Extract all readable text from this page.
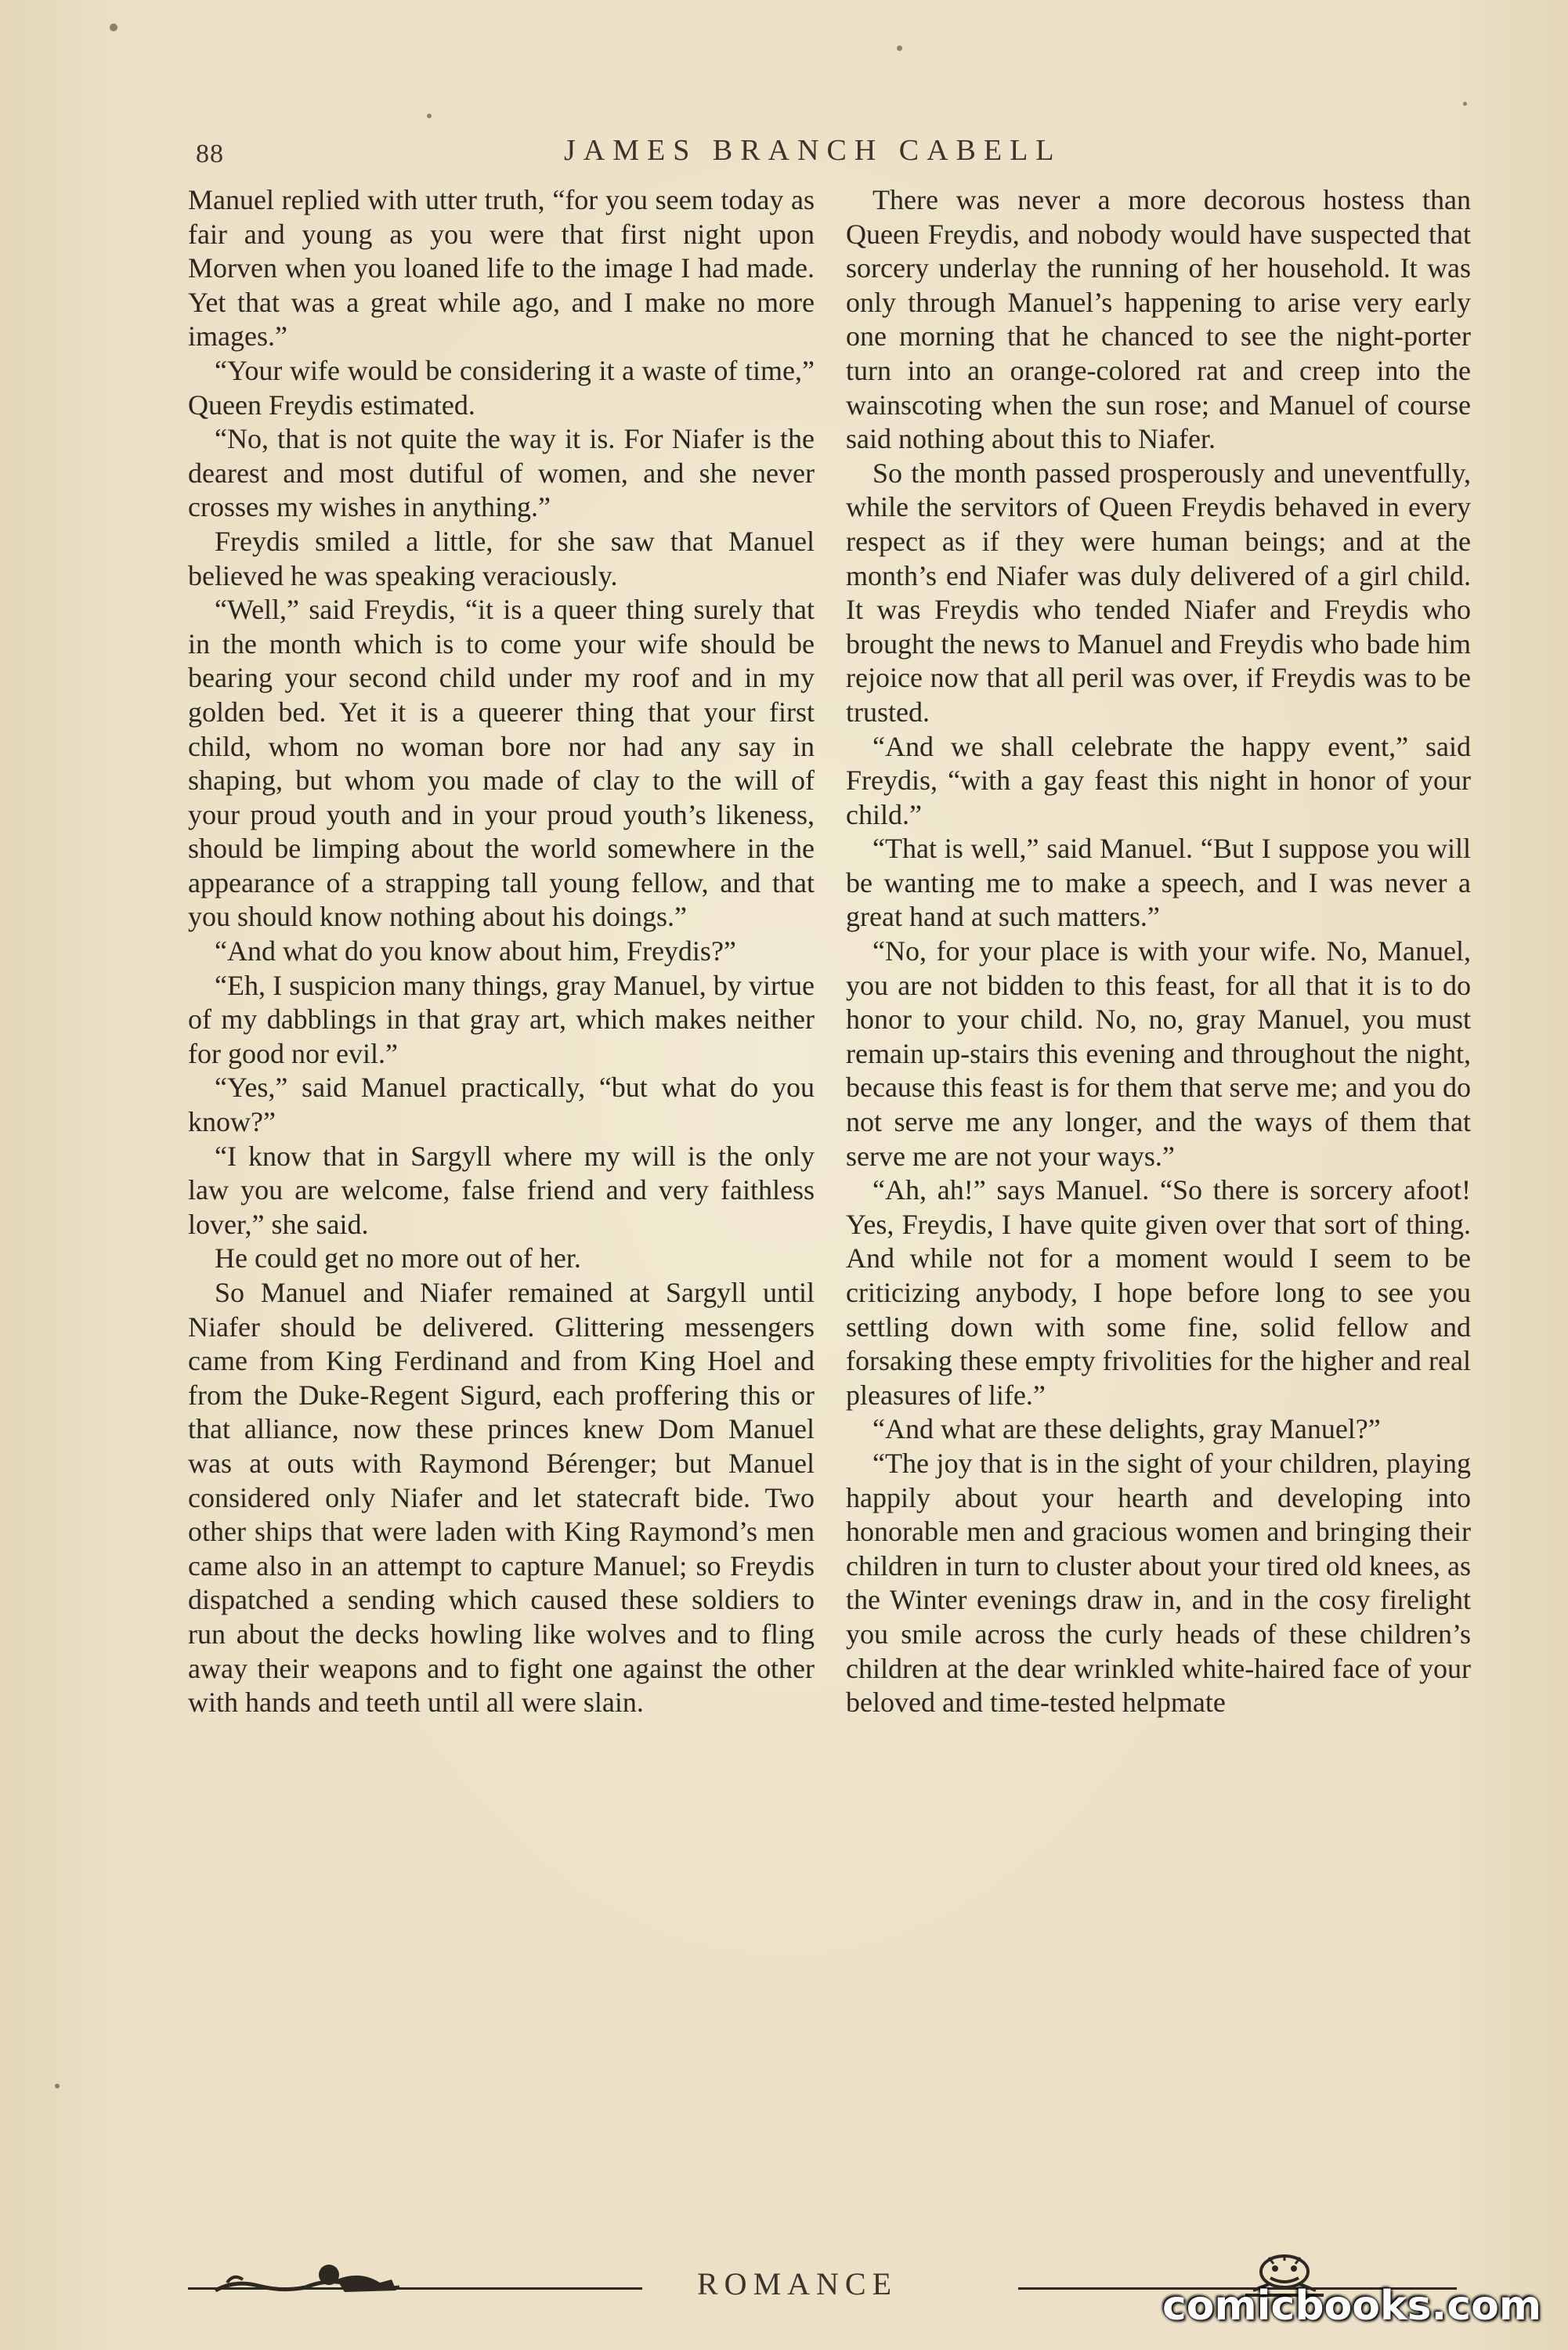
88	JAMES BRANCH CABELL

Manuel replied with utter truth, “for you seem today as fair and young as you were that first night upon Morven when you loaned life to the image I had made. Yet that was a great while ago, and I make no more images.”

“Your wife would be considering it a waste of time,” Queen Freydis estimated.

“No, that is not quite the way it is. For Niafer is the dearest and most dutiful of women, and she never crosses my wishes in anything.”

Freydis smiled a little, for she saw that Manuel believed he was speaking veraciously.

“Well,” said Freydis, “it is a queer thing surely that in the month which is to come your wife should be bearing your second child under my roof and in my golden bed. Yet it is a queerer thing that your first child, whom no woman bore nor had any say in shaping, but whom you made of clay to the will of your proud youth and in your proud youth’s likeness, should be limping about the world somewhere in the appearance of a strapping tall young fellow, and that you should know nothing about his doings.”

“And what do you know about him, Freydis?”

“Eh, I suspicion many things, gray Manuel, by virtue of my dabblings in that gray art, which makes neither for good nor evil.”

“Yes,” said Manuel practically, “but what do you know?”

“I know that in Sargyll where my will is the only law you are welcome, false friend and very faithless lover,” she said.

He could get no more out of her.

So Manuel and Niafer remained at Sargyll until Niafer should be delivered. Glittering messengers came from King Ferdinand and from King Hoel and from the Duke-Regent Sigurd, each proffering this or that alliance, now these princes knew Dom Manuel was at outs with Raymond Bérenger; but Manuel considered only Niafer and let statecraft bide. Two other ships that were laden with King Raymond’s men came also in an attempt to capture Manuel; so Freydis dispatched a sending which caused these soldiers to run about the decks howling like wolves and to fling away their weapons and to fight one against the other with hands and teeth until all were slain.

There was never a more decorous hostess than Queen Freydis, and nobody would have suspected that sorcery underlay the running of her household. It was only through Manuel’s happening to arise very early one morning that he chanced to see the night-porter turn into an orange-colored rat and creep into the wainscoting when the sun rose; and Manuel of course said nothing about this to Niafer.

So the month passed prosperously and uneventfully, while the servitors of Queen Freydis behaved in every respect as if they were human beings; and at the month’s end Niafer was duly delivered of a girl child. It was Freydis who tended Niafer and Freydis who brought the news to Manuel and Freydis who bade him rejoice now that all peril was over, if Freydis was to be trusted.

“And we shall celebrate the happy event,” said Freydis, “with a gay feast this night in honor of your child.”

“That is well,” said Manuel. “But I suppose you will be wanting me to make a speech, and I was never a great hand at such matters.”

“No, for your place is with your wife. No, Manuel, you are not bidden to this feast, for all that it is to do honor to your child. No, no, gray Manuel, you must remain up-stairs this evening and throughout the night, because this feast is for them that serve me; and you do not serve me any longer, and the ways of them that serve me are not your ways.”

“Ah, ah!” says Manuel. “So there is sorcery afoot! Yes, Freydis, I have quite given over that sort of thing. And while not for a moment would I seem to be criticizing anybody, I hope before long to see you settling down with some fine, solid fellow and forsaking these empty frivolities for the higher and real pleasures of life.”

“And what are these delights, gray Manuel?”

“The joy that is in the sight of your children, playing happily about your hearth and developing into honorable men and gracious women and bringing their children in turn to cluster about your tired old knees, as the Winter evenings draw in, and in the cosy firelight you smile across the curly heads of these children’s children at the dear wrinkled white-haired face of your beloved and time-tested helpmate

ROMANCE	comicbooks.com
